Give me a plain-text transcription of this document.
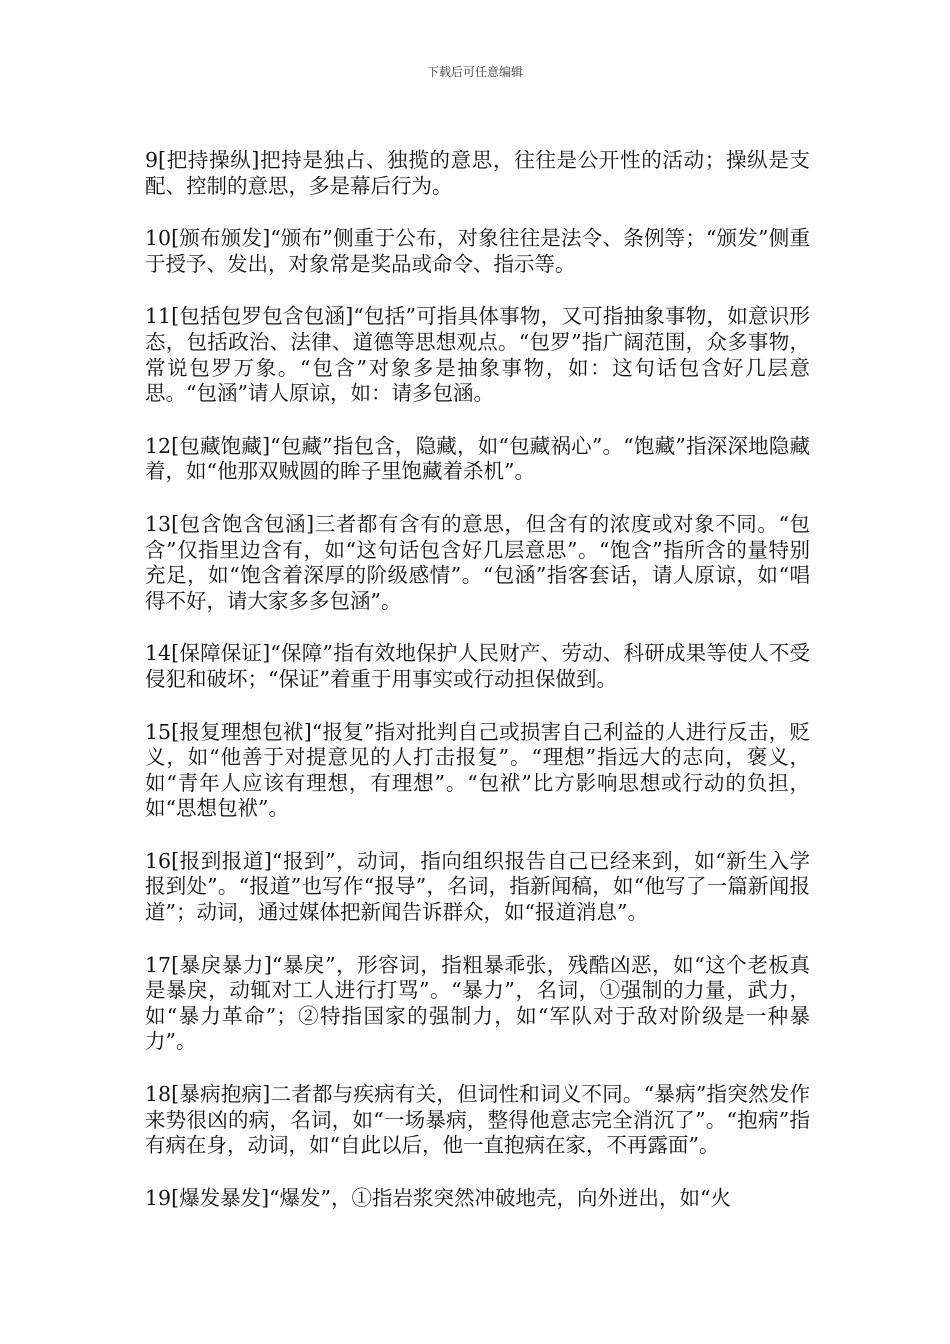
下载后可任意编辑

9[把持操纵]把持是独占、独揽的意思，往往是公开性的活动；操纵是支配、控制的意思，多是幕后行为。

10[颁布颁发]“颁布”侧重于公布，对象往往是法令、条例等；“颁发”侧重于授予、发出，对象常是奖品或命令、指示等。

11[包括包罗包含包涵]“包括”可指具体事物，又可指抽象事物，如意识形态，包括政治、法律、道德等思想观点。“包罗”指广阔范围，众多事物，常说包罗万象。“包含”对象多是抽象事物，如：这句话包含好几层意思。“包涵”请人原谅，如：请多包涵。

12[包藏饱藏]“包藏”指包含，隐藏，如“包藏祸心”。“饱藏”指深深地隐藏着，如“他那双贼圆的眸子里饱藏着杀机”。

13[包含饱含包涵]三者都有含有的意思，但含有的浓度或对象不同。“包含”仅指里边含有，如“这句话包含好几层意思”。“饱含”指所含的量特别充足，如“饱含着深厚的阶级感情”。“包涵”指客套话，请人原谅，如“唱得不好，请大家多多包涵”。

14[保障保证]“保障”指有效地保护人民财产、劳动、科研成果等使人不受侵犯和破坏；“保证”着重于用事实或行动担保做到。

15[报复理想包袱]“报复”指对批判自己或损害自己利益的人进行反击，贬义，如“他善于对提意见的人打击报复”。“理想”指远大的志向，褒义，如“青年人应该有理想，有理想”。“包袱”比方影响思想或行动的负担，如“思想包袱”。

16[报到报道]“报到”，动词，指向组织报告自己已经来到，如“新生入学报到处”。“报道”也写作“报导”，名词，指新闻稿，如“他写了一篇新闻报道”；动词，通过媒体把新闻告诉群众，如“报道消息”。

17[暴戾暴力]“暴戾”，形容词，指粗暴乖张，残酷凶恶，如“这个老板真是暴戾，动辄对工人进行打骂”。“暴力”，名词，①强制的力量，武力，如“暴力革命”；②特指国家的强制力，如“军队对于敌对阶级是一种暴力”。

18[暴病抱病]二者都与疾病有关，但词性和词义不同。“暴病”指突然发作来势很凶的病，名词，如“一场暴病，整得他意志完全消沉了”。“抱病”指有病在身，动词，如“自此以后，他一直抱病在家，不再露面”。

19[爆发暴发]“爆发”，①指岩浆突然冲破地壳，向外迸出，如“火
